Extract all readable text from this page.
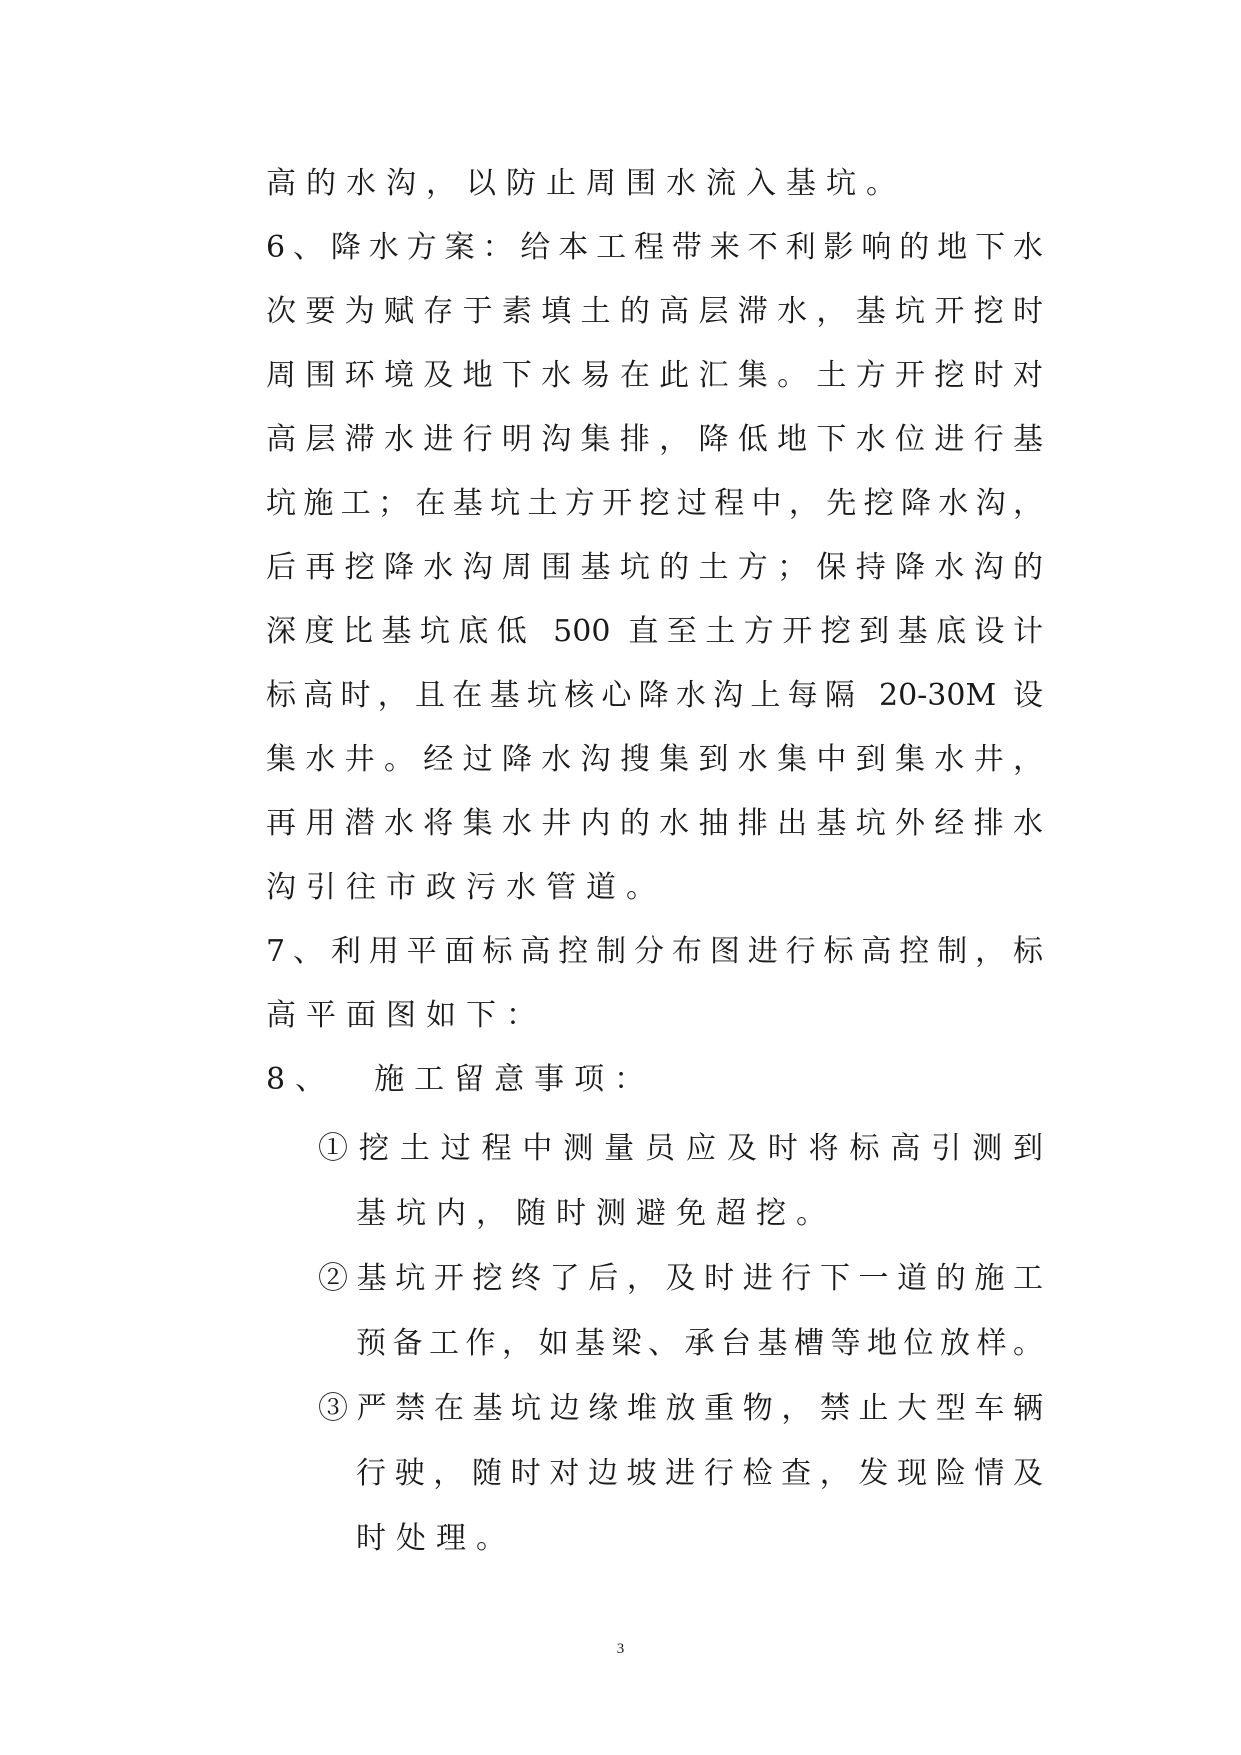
高的水沟，以防止周围水流入基坑。
6、降水方案：给本工程带来不利影响的地下水
次要为赋存于素填土的高层滞水，基坑开挖时
周围环境及地下水易在此汇集。土方开挖时对
高层滞水进行明沟集排，降低地下水位进行基
坑施工；在基坑土方开挖过程中，先挖降水沟，
后再挖降水沟周围基坑的土方；保持降水沟的
深度比基坑底低 500 直至土方开挖到基底设计
标高时，且在基坑核心降水沟上每隔 20-30M 设
集水井。经过降水沟搜集到水集中到集水井，
再用潜水将集水井内的水抽排出基坑外经排水
沟引往市政污水管道。
7、利用平面标高控制分布图进行标高控制，标
高平面图如下：
8、  施工留意事项：
①挖土过程中测量员应及时将标高引测到
基坑内，随时测避免超挖。
②基坑开挖终了后，及时进行下一道的施工
预备工作，如基梁、承台基槽等地位放样。
③严禁在基坑边缘堆放重物，禁止大型车辆
行驶，随时对边坡进行检查，发现险情及
时处理。
3
